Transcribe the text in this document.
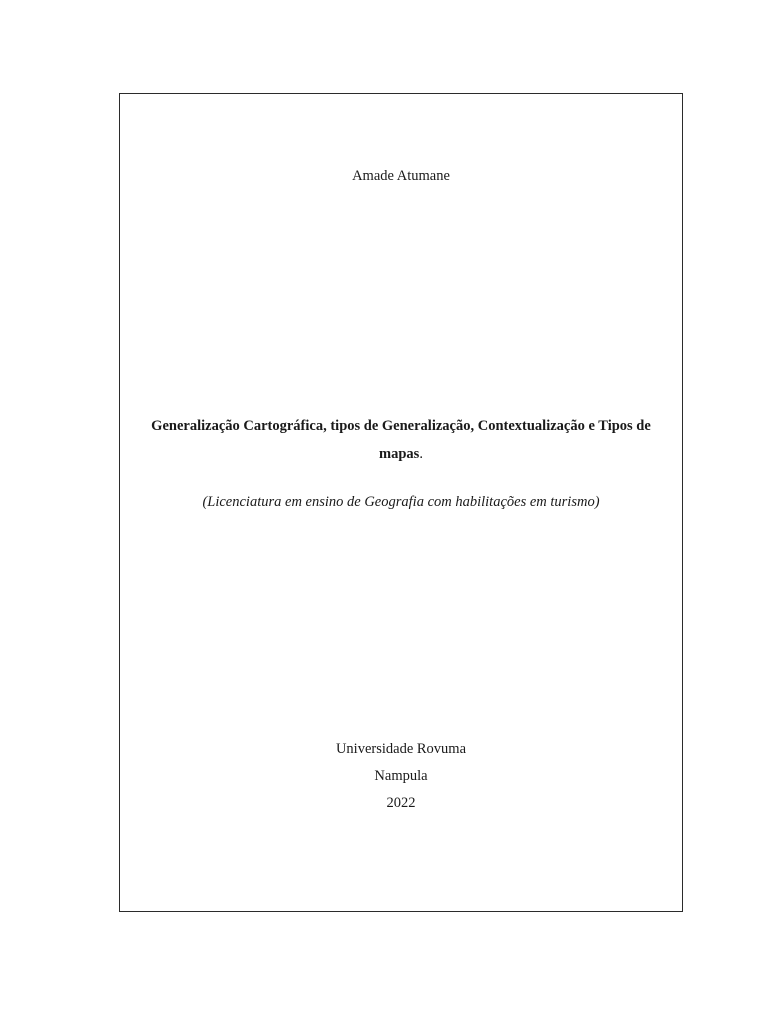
Amade Atumane

Generalização Cartográfica, tipos de Generalização, Contextualização e Tipos de mapas.

(Licenciatura em ensino de Geografia com habilitações em turismo)

Universidade Rovuma

Nampula

2022
